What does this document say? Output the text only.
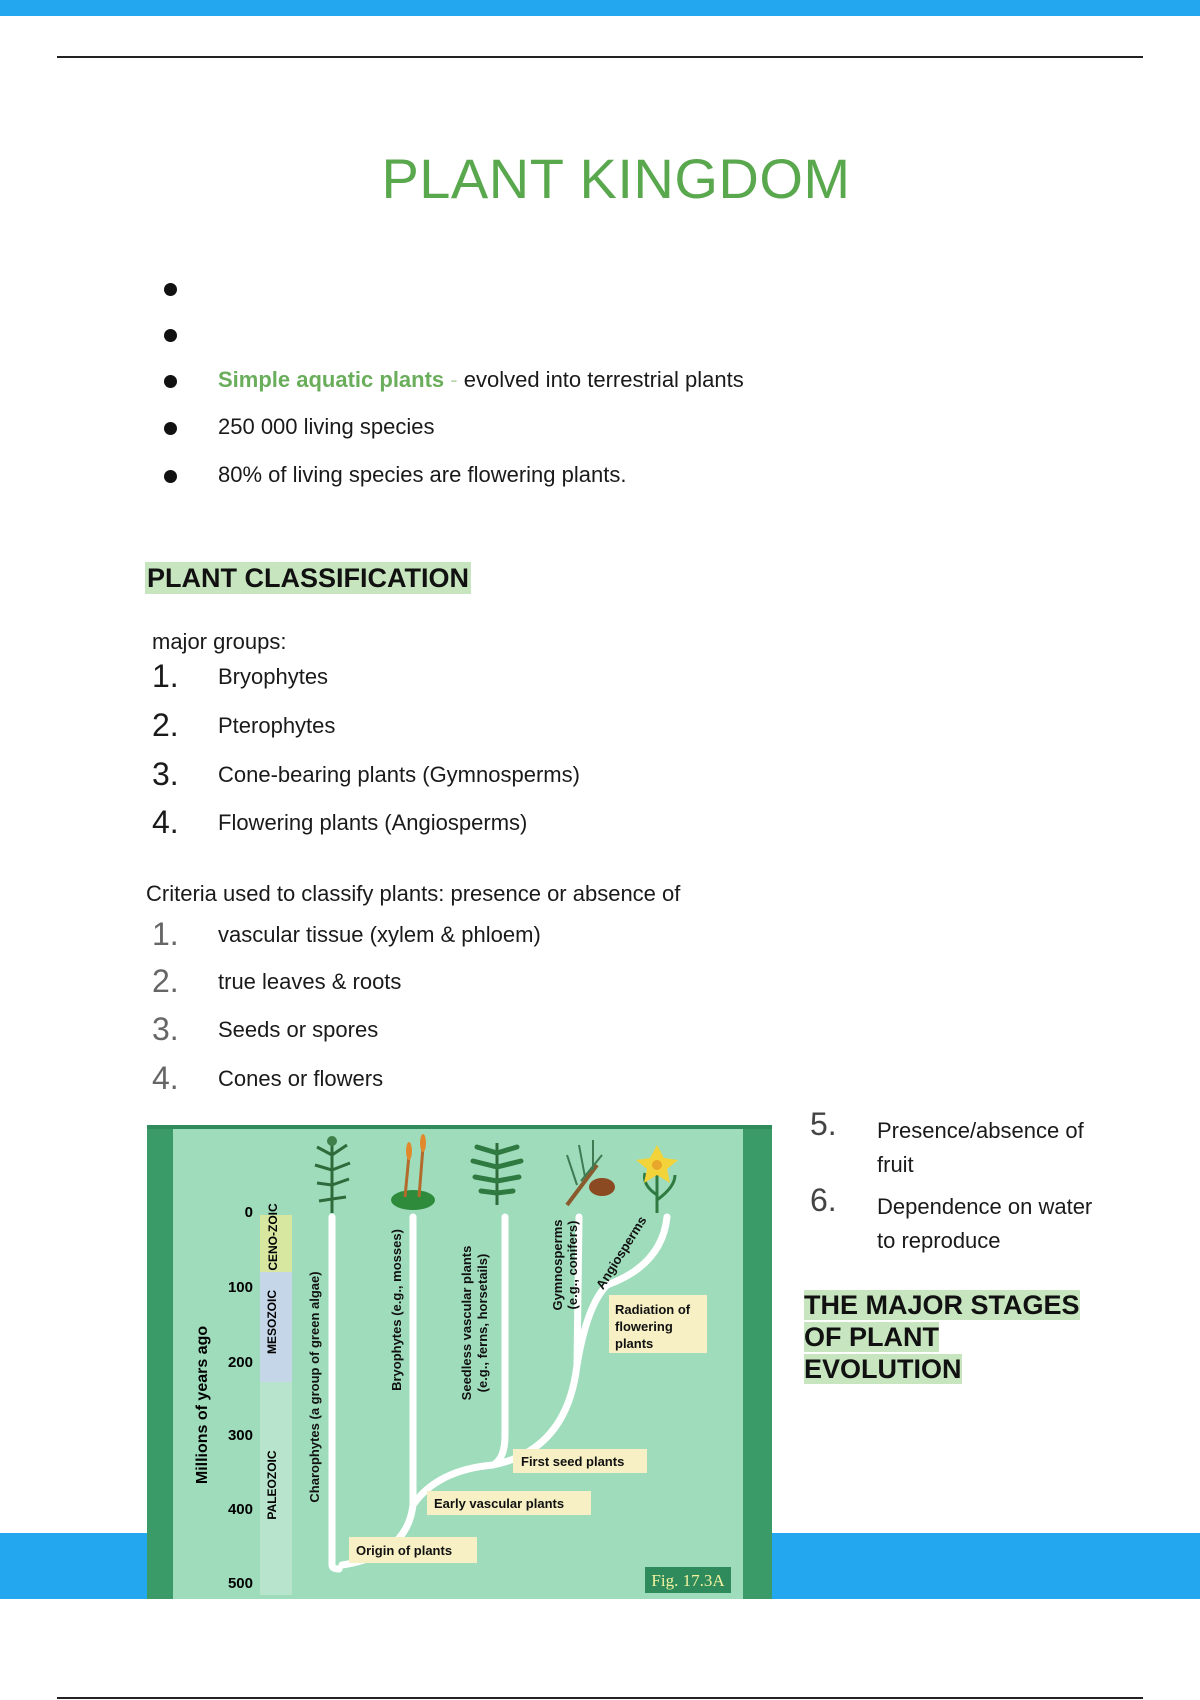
PLANT KINGDOM
Simple aquatic plants - evolved into terrestrial plants
250 000 living species
80% of living species are flowering plants.
PLANT CLASSIFICATION
major groups:
1. Bryophytes
2. Pterophytes
3. Cone-bearing plants (Gymnosperms)
4. Flowering plants (Angiosperms)
Criteria used to classify plants: presence or absence of
1. vascular tissue (xylem & phloem)
2. true leaves & roots
3. Seeds or spores
4. Cones or flowers
5. Presence/absence of fruit
6. Dependence on water to reproduce
THE MAJOR STAGES OF PLANT EVOLUTION
CENO-ZOIC
MESOZOIC
PALEOZOIC
Millions of years ago
0
100
200
300
400
500
Charophytes (a group of green algae)	Bryophytes (e.g., mosses)	Seedless vascular plants (e.g., ferns, horsetails)	Gymnosperms (e.g., conifers) Angiosperms
Radiation of
flowering
plants
First seed plants
Early vascular plants
Origin of plants
Fig. 17.3A
